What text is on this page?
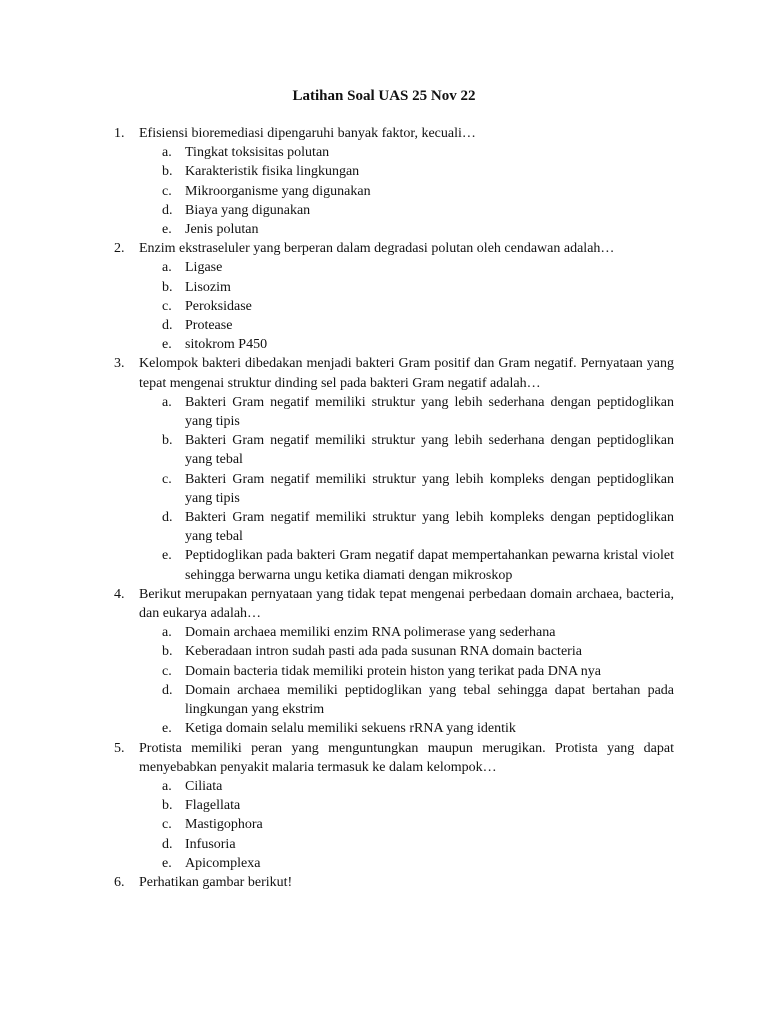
Latihan Soal UAS 25 Nov 22
1. Efisiensi bioremediasi dipengaruhi banyak faktor, kecuali…
a. Tingkat toksisitas polutan
b. Karakteristik fisika lingkungan
c. Mikroorganisme yang digunakan
d. Biaya yang digunakan
e. Jenis polutan
2. Enzim ekstraseluler yang berperan dalam degradasi polutan oleh cendawan adalah…
a. Ligase
b. Lisozim
c. Peroksidase
d. Protease
e. sitokrom P450
3. Kelompok bakteri dibedakan menjadi bakteri Gram positif dan Gram negatif. Pernyataan yang tepat mengenai struktur dinding sel pada bakteri Gram negatif adalah…
a. Bakteri Gram negatif memiliki struktur yang lebih sederhana dengan peptidoglikan yang tipis
b. Bakteri Gram negatif memiliki struktur yang lebih sederhana dengan peptidoglikan yang tebal
c. Bakteri Gram negatif memiliki struktur yang lebih kompleks dengan peptidoglikan yang tipis
d. Bakteri Gram negatif memiliki struktur yang lebih kompleks dengan peptidoglikan yang tebal
e. Peptidoglikan pada bakteri Gram negatif dapat mempertahankan pewarna kristal violet sehingga berwarna ungu ketika diamati dengan mikroskop
4. Berikut merupakan pernyataan yang tidak tepat mengenai perbedaan domain archaea, bacteria, dan eukarya adalah…
a. Domain archaea memiliki enzim RNA polimerase yang sederhana
b. Keberadaan intron sudah pasti ada pada susunan RNA domain bacteria
c. Domain bacteria tidak memiliki protein histon yang terikat pada DNA nya
d. Domain archaea memiliki peptidoglikan yang tebal sehingga dapat bertahan pada lingkungan yang ekstrim
e. Ketiga domain selalu memiliki sekuens rRNA yang identik
5. Protista memiliki peran yang menguntungkan maupun merugikan. Protista yang dapat menyebabkan penyakit malaria termasuk ke dalam kelompok…
a. Ciliata
b. Flagellata
c. Mastigophora
d. Infusoria
e. Apicomplexa
6. Perhatikan gambar berikut!
